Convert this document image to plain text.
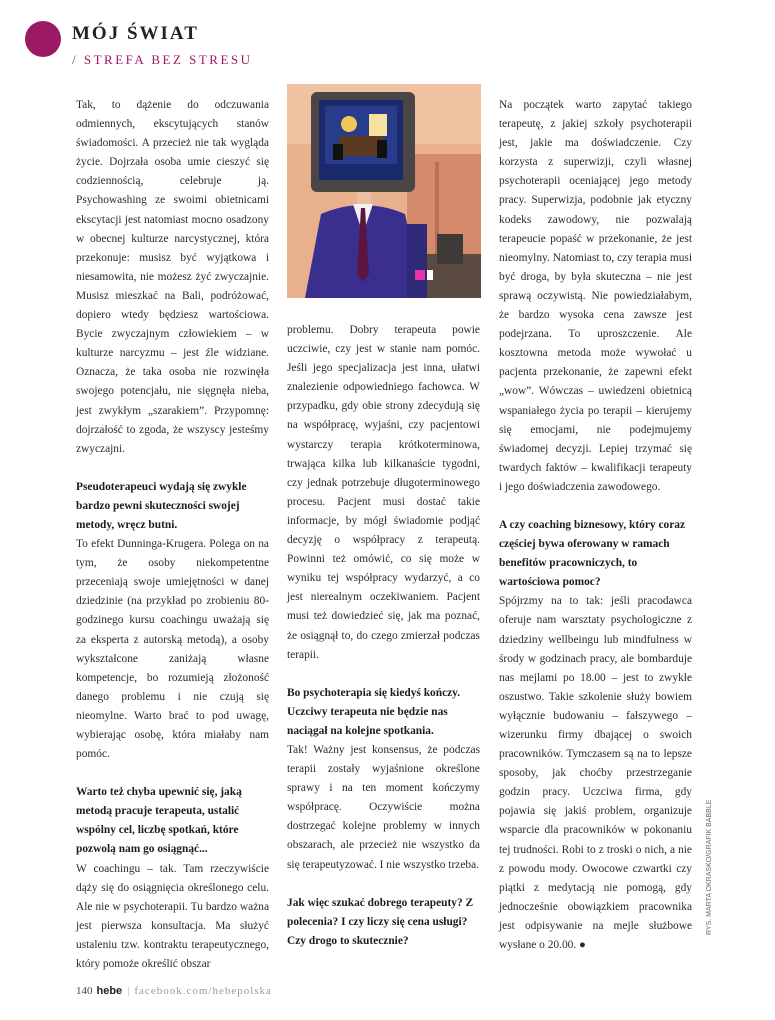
MÓJ ŚWIAT
/ STREFA BEZ STRESU

Tak, to dążenie do odczuwania odmiennych, ekscytujących stanów świadomości. A przecież nie tak wygląda życie. Dojrzała osoba umie cieszyć się codziennością, celebruje ją. Psychowashing ze swoimi obietnicami ekscytacji jest natomiast mocno osadzony w obecnej kulturze narcystycznej, która przekonuje: musisz być wyjątkowa i niesamowita, nie możesz żyć zwyczajnie. Musisz mieszkać na Bali, podróżować, dopiero wtedy będziesz wartościowa. Bycie zwyczajnym człowiekiem – w kulturze narcyzmu – jest źle widziane. Oznacza, że taka osoba nie rozwinęła swojego potencjału, nie sięgnęła nieba, jest zwykłym „szarakiem”. Przypomnę: dojrzałość to zgoda, że wszyscy jesteśmy zwyczajni.

Pseudoterapeuci wydają się zwykle bardzo pewni skuteczności swojej metody, wręcz butni.

To efekt Dunninga-Krugera. Polega on na tym, że osoby niekompetentne przeceniają swoje umiejętności w danej dziedzinie (na przykład po zrobieniu 80-godzinego kursu coachingu uważają się za eksperta z autorską metodą), a osoby wykształcone zaniżają własne kompetencje, bo rozumieją złożoność danego problemu i nie czują się nieomylne. Warto brać to pod uwagę, wybierając osobę, która miałaby nam pomóc.

Warto też chyba upewnić się, jaką metodą pracuje terapeuta, ustalić wspólny cel, liczbę spotkań, które pozwolą nam go osiągnąć...

W coachingu – tak. Tam rzeczywiście dąży się do osiągnięcia określonego celu. Ale nie w psychoterapii. Tu bardzo ważna jest pierwsza konsultacja. Ma służyć ustaleniu tzw. kontraktu terapeutycznego, który pomoże określić obszar

problemu. Dobry terapeuta powie uczciwie, czy jest w stanie nam pomóc. Jeśli jego specjalizacja jest inna, ułatwi znalezienie odpowiedniego fachowca. W przypadku, gdy obie strony zdecydują się na współpracę, wyjaśni, czy pacjentowi wystarczy terapia krótkoterminowa, trwająca kilka lub kilkanaście tygodni, czy jednak potrzebuje długoterminowego procesu. Pacjent musi dostać takie informacje, by mógł świadomie podjąć decyzję o współpracy z terapeutą. Powinni też omówić, co się może w wyniku tej współpracy wydarzyć, a co jest nierealnym oczekiwaniem. Pacjent musi też dowiedzieć się, jak ma poznać, że osiągnął to, do czego zmierzał podczas terapii.

Bo psychoterapia się kiedyś kończy. Uczciwy terapeuta nie będzie nas naciągał na kolejne spotkania.

Tak! Ważny jest konsensus, że podczas terapii zostały wyjaśnione określone sprawy i na ten moment kończymy współpracę. Oczywiście można dostrzegać kolejne problemy w innych obszarach, ale przecież nie wszystko da się terapeutyzować. I nie wszystko trzeba.

Jak więc szukać dobrego terapeuty? Z polecenia? I czy liczy się cena usługi? Czy drogo to skutecznie?

Na początek warto zapytać takiego terapeutę, z jakiej szkoły psychoterapii jest, jakie ma doświadczenie. Czy korzysta z superwizji, czyli własnej psychoterapii oceniającej jego metody pracy. Superwizja, podobnie jak etyczny kodeks zawodowy, nie pozwalają terapeucie popaść w przekonanie, że jest nieomylny. Natomiast to, czy terapia musi być droga, by była skuteczna – nie jest sprawą oczywistą. Nie powiedziałabym, że bardzo wysoka cena zawsze jest podejrzana. To uproszczenie. Ale kosztowna metoda może wywołać u pacjenta przekonanie, że zapewni efekt „wow”. Wówczas – uwiedzeni obietnicą wspaniałego życia po terapii – kierujemy się emocjami, nie podejmujemy świadomej decyzji. Lepiej trzymać się twardych faktów – kwalifikacji terapeuty i jego doświadczenia zawodowego.

A czy coaching biznesowy, który coraz częściej bywa oferowany w ramach benefitów pracowniczych, to wartościowa pomoc?

Spójrzmy na to tak: jeśli pracodawca oferuje nam warsztaty psychologiczne z dziedziny wellbeingu lub mindfulness w środy w godzinach pracy, ale bombarduje nas mejlami po 18.00 – jest to zwykłe oszustwo. Takie szkolenie służy bowiem wyłącznie budowaniu – fałszywego – wizerunku firmy dbającej o swoich pracowników. Tymczasem są na to lepsze sposoby, jak choćby przestrzeganie godzin pracy. Uczciwa firma, gdy pojawia się jakiś problem, organizuje wsparcie dla pracowników w pokonaniu tej trudności. Robi to z troski o nich, a nie z powodu mody. Owocowe czwartki czy piątki z medytacją nie pomogą, gdy jednocześnie obowiązkiem pracownika jest odpisywanie na mejle służbowe wysłane o 20.00. ●

RYS. MARTA OKRASKO/GRAFIK BABBLE
140 hebe | facebook.com/hebepolska
